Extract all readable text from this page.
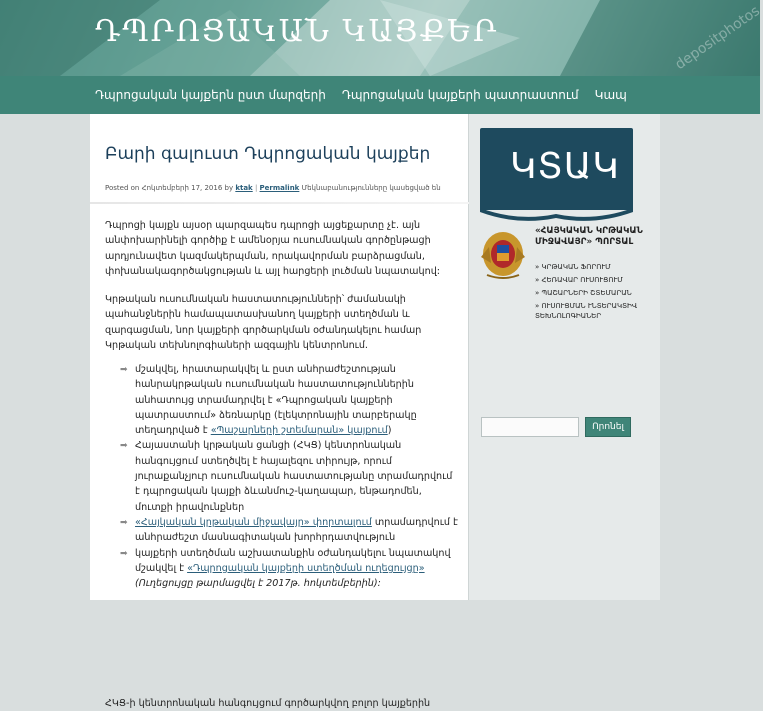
ԴՊՐՈՑԱԿԱՆ ԿԱՅՔԵՐ	depositphotos
Դպրոցական կայքերն ըստ մարզերի Դպրոցական կայքերի պատրաստում Կապ
Բարի գալուստ Դպրոցական կայքեր
Posted on Հոկտեմբերի 17, 2016 by ktak | Permalink Մեկնաբանությունները կասեցված են

Դպրոցի կայքն այսօր պարզապես դպրոցի այցեքարտը չէ. այն անփոխարինելի գործիք է ամենօրյա ուսումնական գործընթացի արդյունավետ կազմակերպման, որակավորման բարձրացման, փոխանակագործակցության և այլ հարցերի լուծման նպատակով:

Կրթական ուսումնական հաստատությունների՝ ժամանակի պահանջներին համապատասխանող կայքերի ստեղծման և զարգացման, նոր կայքերի գործարկման օժանդակելու համար Կրթական տեխնոլոգիաների ազգային կենտրոնում.

➡ մշակվել, հրատարակվել և ըստ անհրաժեշտության հանրակրթական ուսումնական հաստատություններին անհատույց տրամադրվել է «Դպրոցական կայքերի պատրաստում» ձեռնարկը (էլեկտրոնային տարբերակը տեղադրված է «Պաշարների շտեմարան» կայքում)
➡ Հայաստանի կրթական ցանցի (ՀԿՑ) կենտրոնական հանգույցում ստեղծվել է հայալեզու տիրույթ, որում յուրաքանչյուր ուսումնական հաստատությանը տրամադրվում է դպրոցական կայքի ձևանմուշ-կաղապար, ենթադոմեն, մուտքի իրավունքներ
➡ «Հայկական կրթական միջավայր» փորտալում տրամադրվում է անհրաժեշտ մասնագիտական խորհրդատվություն
➡ կայքերի ստեղծման աշխատանքին օժանդակելու նպատակով մշակվել է «Դպրոցական կայքերի ստեղծման ուղեցույցը» (Ուղեցույցը թարմացվել է 2017թ. հոկտեմբերին):

ՀԿՑ-ի կենտրոնական հանգույցում գործարկվող բոլոր կայքերին

ԿՏԱԿ
«ՀԱՅԿԱԿԱՆ ԿՐԹԱԿԱՆ ՄԻՋԱՎԱՅՐ» ՊՈՐՏԱԼ
» ԿՐԹԱԿԱՆ ՖՈՐՈՒՄ
» ՀԵՌԱՎԱՐ ՈՒՍՈՒՑՈՒՄ
» ՊԱՇԱՐՆԵՐԻ ՇՏԵՄԱՐԱՆ
» ՈՒՍՈՒՑՄԱՆ ՒՆՏԵՐԱԿՏԻՎ ՏԵԽՆՈԼՈԳԻԱՆԵՐ
Որոնել
